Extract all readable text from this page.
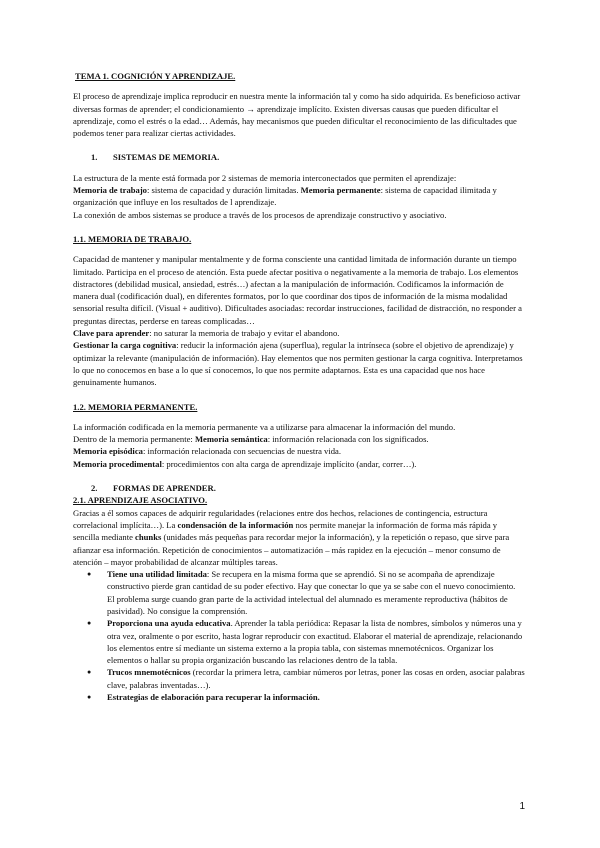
TEMA 1. COGNICIÓN Y APRENDIZAJE.

El proceso de aprendizaje implica reproducir en nuestra mente la información tal y como ha sido adquirida. Es beneficioso activar diversas formas de aprender; el condicionamiento → aprendizaje implícito. Existen diversas causas que pueden dificultar el aprendizaje, como el estrés o la edad… Además, hay mecanismos que pueden dificultar el reconocimiento de las dificultades que podemos tener para realizar ciertas actividades.

1. SISTEMAS DE MEMORIA.

La estructura de la mente está formada por 2 sistemas de memoria interconectados que permiten el aprendizaje:

Memoria de trabajo: sistema de capacidad y duración limitadas. Memoria permanente: sistema de capacidad ilimitada y organización que influye en los resultados de l aprendizaje.

La conexión de ambos sistemas se produce a través de los procesos de aprendizaje constructivo y asociativo.

1.1. MEMORIA DE TRABAJO.

Capacidad de mantener y manipular mentalmente y de forma consciente una cantidad limitada de información durante un tiempo limitado. Participa en el proceso de atención. Esta puede afectar positiva o negativamente a la memoria de trabajo. Los elementos distractores (debilidad musical, ansiedad, estrés…) afectan a la manipulación de información. Codificamos la información de manera dual (codificación dual), en diferentes formatos, por lo que coordinar dos tipos de información de la misma modalidad sensorial resulta difícil. (Visual + auditivo). Dificultades asociadas: recordar instrucciones, facilidad de distracción, no responder a preguntas directas, perderse en tareas complicadas…

Clave para aprender: no saturar la memoria de trabajo y evitar el abandono.

Gestionar la carga cognitiva: reducir la información ajena (superflua), regular la intrínseca (sobre el objetivo de aprendizaje) y optimizar la relevante (manipulación de información). Hay elementos que nos permiten gestionar la carga cognitiva. Interpretamos lo que no conocemos en base a lo que sí conocemos, lo que nos permite adaptarnos. Esta es una capacidad que nos hace genuinamente humanos.

1.2. MEMORIA PERMANENTE.

La información codificada en la memoria permanente va a utilizarse para almacenar la información del mundo.

Dentro de la memoria permanente: Memoria semántica: información relacionada con los significados.

Memoria episódica: información relacionada con secuencias de nuestra vida.

Memoria procedimental: procedimientos con alta carga de aprendizaje implícito (andar, correr…).

2. FORMAS DE APRENDER.

2.1. APRENDIZAJE ASOCIATIVO.

Gracias a él somos capaces de adquirir regularidades (relaciones entre dos hechos, relaciones de contingencia, estructura correlacional implícita…). La condensación de la información nos permite manejar la información de forma más rápida y sencilla mediante chunks (unidades más pequeñas para recordar mejor la información), y la repetición o repaso, que sirve para afianzar esa información. Repetición de conocimientos – automatización – más rapidez en la ejecución – menor consumo de atención – mayor probabilidad de alcanzar múltiples tareas.

● Tiene una utilidad limitada: Se recupera en la misma forma que se aprendió. Si no se acompaña de aprendizaje constructivo pierde gran cantidad de su poder efectivo. Hay que conectar lo que ya se sabe con el nuevo conocimiento. El problema surge cuando gran parte de la actividad intelectual del alumnado es meramente reproductiva (hábitos de pasividad). No consigue la comprensión.
● Proporciona una ayuda educativa. Aprender la tabla periódica: Repasar la lista de nombres, símbolos y números una y otra vez, oralmente o por escrito, hasta lograr reproducir con exactitud. Elaborar el material de aprendizaje, relacionando los elementos entre sí mediante un sistema externo a la propia tabla, con sistemas mnemotécnicos. Organizar los elementos o hallar su propia organización buscando las relaciones dentro de la tabla.
● Trucos mnemotécnicos (recordar la primera letra, cambiar números por letras, poner las cosas en orden, asociar palabras clave, palabras inventadas…).
● Estrategias de elaboración para recuperar la información.
1
